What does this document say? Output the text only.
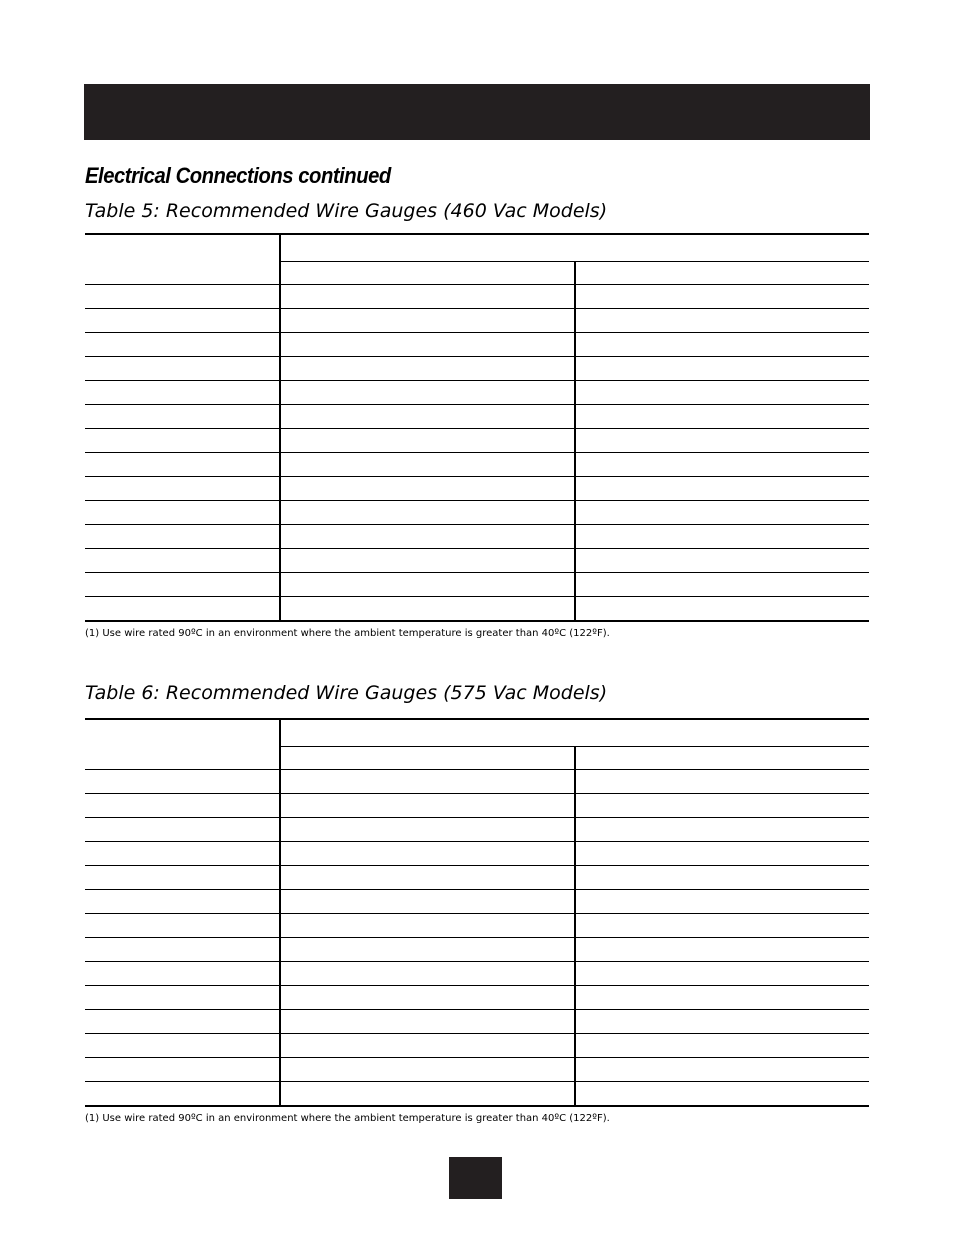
Electrical Connections continued
Table 5: Recommended Wire Gauges (460 Vac Models)

(1) Use wire rated 90ºC in an environment where the ambient temperature is greater than 40ºC (122ºF).

Table 6: Recommended Wire Gauges (575 Vac Models)

(1) Use wire rated 90ºC in an environment where the ambient temperature is greater than 40ºC (122ºF).
